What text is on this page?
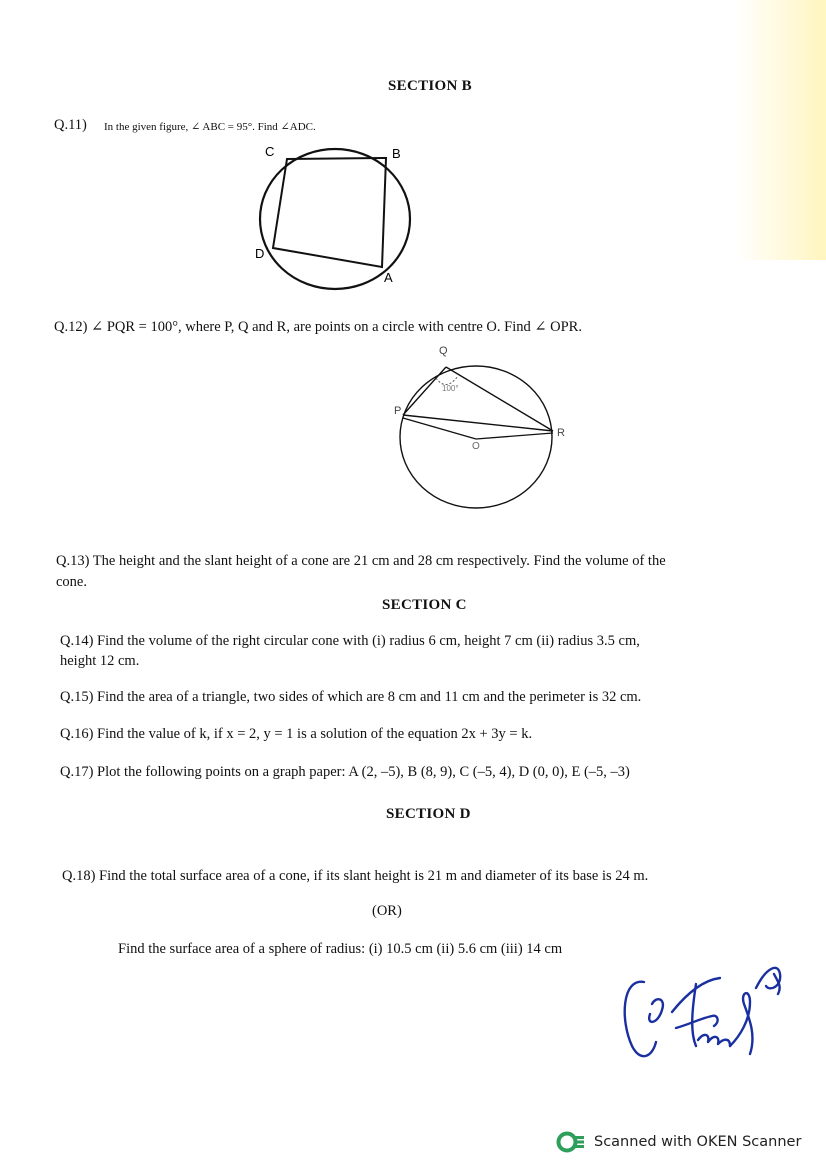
SECTION B
Q.11) In the given figure, ∠ ABC = 95°. Find ∠ADC.
C	B
D
A
Q.12) ∠ PQR = 100°, where P, Q and R, are points on a circle with centre O. Find ∠ OPR.
Q
P
R
O
100°
Q.13) The height and the slant height of a cone are 21 cm and 28 cm respectively. Find the volume of the
cone.
SECTION C
Q.14) Find the volume of the right circular cone with (i) radius 6 cm, height 7 cm (ii) radius 3.5 cm,
height 12 cm.
Q.15) Find the area of a triangle, two sides of which are 8 cm and 11 cm and the perimeter is 32 cm.
Q.16) Find the value of k, if x = 2, y = 1 is a solution of the equation 2x + 3y = k.
Q.17) Plot the following points on a graph paper: A (2, –5), B (8, 9), C (–5, 4), D (0, 0), E (–5, –3)
SECTION D
Q.18) Find the total surface area of a cone, if its slant height is 21 m and diameter of its base is 24 m.
(OR)
Find the surface area of a sphere of radius: (i) 10.5 cm (ii) 5.6 cm (iii) 14 cm
Scanned with OKEN Scanner
